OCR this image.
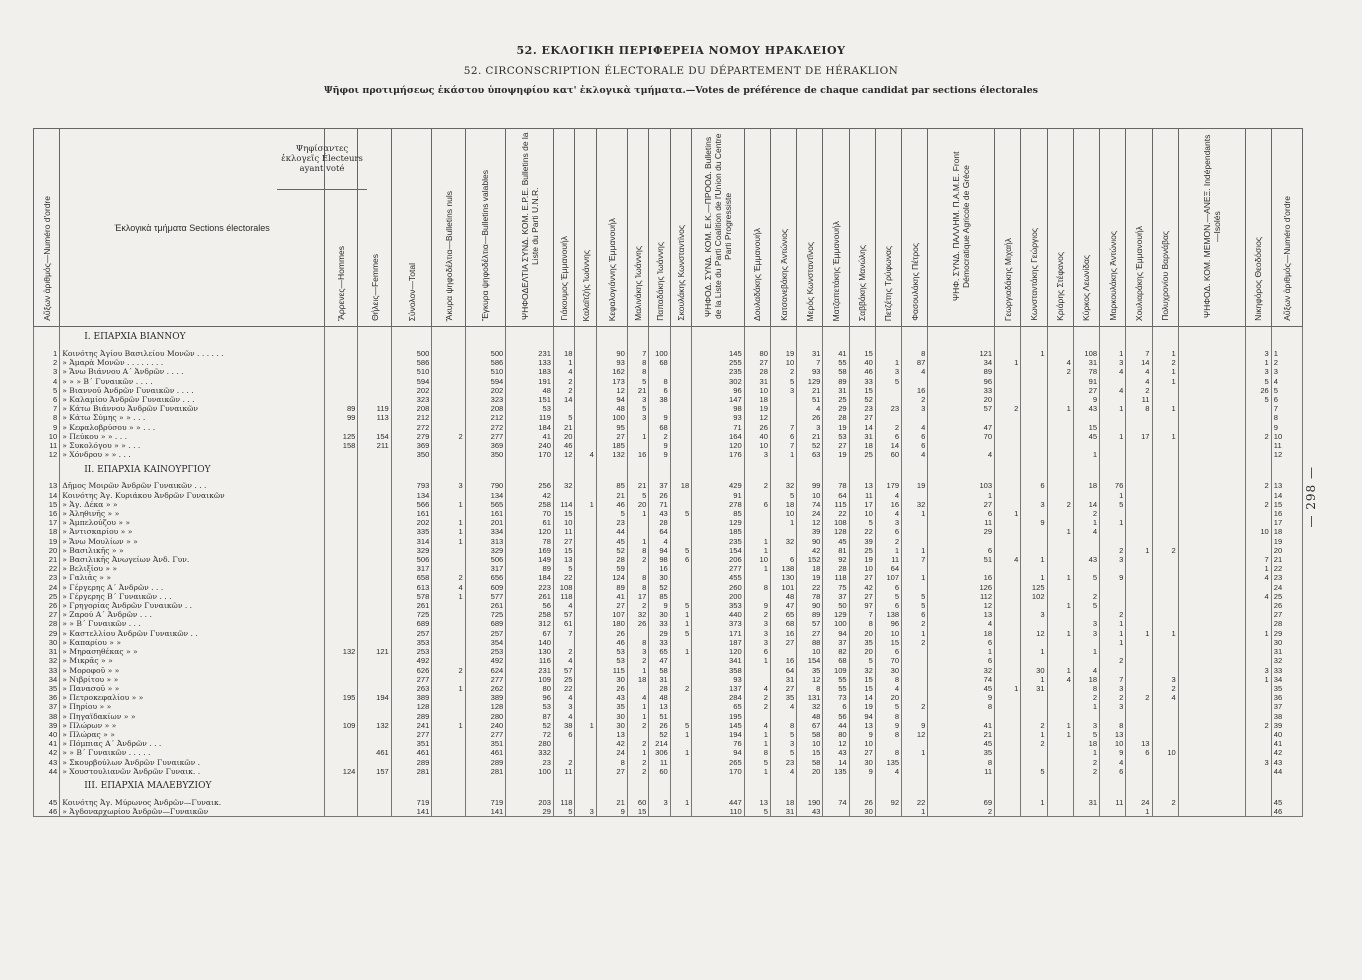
52. ΕΚΛΟΓΙΚΗ ΠΕΡΙΦΕΡΕΙΑ ΝΟΜΟΥ ΗΡΑΚΛΕΙΟΥ
52. CIRCONSCRIPTION ÉLECTORALE DU DÉPARTEMENT DE HÉRAKLION
Ψῆφοι προτιμήσεως ἑκάστου ὑποψηφίου κατ' ἐκλογικὰ τμήματα.—Votes de préférence de chaque candidat par sections électorales
— 298 —
Αὔξων ἀριθμός—Numéro d'ordre	Ἐκλογικὰ τμήματα Sections électorales	Ἄρρενες—Hommes	Θήλεις—Femmes	Σύνολον—Total	Ἄκυρα ψηφοδέλτια—Bulletins nuls	Ἔγκυρα ψηφοδέλτια—Bulletins valables	ΨΗΦΟΔΕΛΤΙΑ ΣΥΝΔ. ΚΟΜ. Ε.Ρ.Ε. Bulletins de la Liste du Parti U.N.R.	Γιάκουμος Ἐμμανουήλ	Καλαϊτζής Ἰωάννης	Κεφαλογιάννης Ἐμμανουήλ	Μαλινάκης Ἰωάννης	Παπαδάκης Ἰωάννης	Σκουλάκης Κωνσταντίνος	ΨΗΦΟΔ. ΣΥΝΔ. ΚΟΜ. Ε.Κ.—ΠΡΟΟΔ. Bulletins de la Liste du Parti Coalition de l'Union du Centre Parti Progressiste	Δουλαδάκης Ἐμμανουήλ	Κατσανεβάκης Ἀντώνιος	Μερός Κωνσταντῖνος	Ματζαπετάκης Ἐμμανουήλ	Σαββάκης Μανώλης	Πετζέτης Τρύφωνας	Φασουλάκης Πέτρος	ΨΗΦ. ΣΥΝΔ. ΠΑΛΛΗΜ. Π.Α.Μ.Ε. Front Démocratique Agricole de Grèce	Γεωργιαδάκης Μιχαήλ	Κωνσταντάκης Γεώργιος	Κριάρης Στέφανος	Κύρκος Λεωνίδας	Μαρκουλάκης Ἀντώνιος	Χουλιαράκης Ἐμμανουήλ	Πολυχρονίου Βαρνάβας	ΨΗΦΟΔ. ΚΟΜ. ΜΕΜΟΝ.—ΑΝΕΞ. Indépendants—Isolés	Νικηφόρος Θεοδόσιος	Αὔξων ἀριθμός—Numéro d'ordre
	I. ΕΠΑΡΧΙΑ ΒΙΑΝΝΟΥ																															
1	Κοινότης Ἁγίου Βασιλείου Μονῶν . . . . . .			500		500	231	18		90	7	100		145	80	19	31	41	15		8	121		1		108	1	7	1		3	1
2	» Ἀμαρὰ Μονῶν . . . . . . . .			586		586	133	1		93	8	68		255	27	10	7	55	40	1	87	34	1		4	31	3	14	2		1	2
3	» Ἄνω Βιάννου Α΄ Ἀνδρῶν . . . .			510		510	183	4		162	8			235	28	2	93	58	46	3	4	89			2	78	4	4	1		3	3
4	» » » Β΄ Γυναικῶν . . . .			594		594	191	2		173	5	8		302	31	5	129	89	33	5		96				91		4	1		5	4
5	» Βιαννοῦ Ἀνδρῶν Γυναικῶν . . . .			202		202	48	2		12	21	6		96	10	3	21	31	15		16	33				27	4	2			26	5
6	» Καλαμίου Ἀνδρῶν Γυναικῶν . . .			323		323	151	14		94	3	38		147	18		51	25	52		2	20				9		11			5	6
7	» Κάτω Βιάννου Ἀνδρῶν Γυναικῶν	89	119	208		208	53			48	5			98	19		4	29	23	23	3	57	2		1	43	1	8	1			7
8	» Κάτω Σύμης » » . . .	99	113	212		212	119	5		100	3	9		93	12		26	28	27													8
9	» Κεφαλοβρύσου » » . . .			272		272	184	21		95		68		71	26	7	3	19	14	2	4	47				15						9
10	» Πεύκου » » . . .	125	154	279	2	277	41	20		27	1	2		164	40	6	21	53	31	6	6	70				45	1	17	1		2	10
11	» Συκολόγου » » . . .	158	211	369		369	240	46		185		9		120	10	7	52	27	18	14	6											11
12	» Χόνδρου » » . . .			350		350	170	12	4	132	16	9		176	3	1	63	19	25	60	4	4				1						12
	II. ΕΠΑΡΧΙΑ ΚΑΙΝΟΥΡΓΙΟΥ																															
13	Δῆμος Μοιρῶν Ἀνδρῶν Γυναικῶν . . .			793	3	790	256	32		85	21	37	18	429	2	32	99	78	13	179	19	103		6		18	76				2	13
14	Κοινότης Ἁγ. Κυριάκου Ἀνδρῶν Γυναικῶν			134		134	42			21	5	26		91		5	10	64	11	4		1					1					14
15	» Ἁγ. Δέκα » »			566	1	565	258	114	1	46	20	71		278	6	18	74	115	17	16	32	27		3	2	14	5				2	15
16	» Ἀληθινῆς » »			161		161	70	15		5	1	43	5	85		10	24	22	10	4	1	6	1			2						16
17	» Ἀμπελούζου » »			202	1	201	61	10		23		28		129		1	12	108	5	3		11		9		1	1					17
18	» Ἀντισκαρίου » »			335	1	334	120	11		44		64		185			39	128	22	6		29			1	4					10	18
19	» Ἄνω Μουλίων » »			314	1	313	78	27		45	1	4		235	1	32	90	45	39	2												19
20	» Βασιλικῆς » »			329		329	169	15		52	8	94	5	154	1		42	81	25	1	1	6					2	1	2			20
21	» Βασιλικῆς Ἀνωγείων Ἀνδ. Γυν.			506		506	149	13		28	2	98	6	206	10	6	152	92	19	11	7	51	4	1		43	3				7	21
22	» Βελιξίου » »			317		317	89	5		59		16		277	1	138	18	28	10	64											1	22
23	» Γαλιᾶς » »			658	2	656	184	22		124	8	30		455		130	19	118	27	107	1	16		1	1	5	9				4	23
24	» Γέργερης Α΄ Ἀνδρῶν . . .			613	4	609	223	108		89	8	52		260	8	101	22	75	42	6		126		125								24
25	» Γέργερης Β΄ Γυναικῶν . . .			578	1	577	261	118		41	17	85		200		48	78	37	27	5	5	112		102		2					4	25
26	» Γρηγορίας Ἀνδρῶν Γυναικῶν . .			261		261	56	4		27	2	9	5	353	9	47	90	50	97	6	5	12			1	5						26
27	» Ζαρού Α΄ Ἀνδρῶν . . .			725		725	258	57		107	32	30	1	440	2	65	89	129	7	138	6	13		3			2					27
28	» » Β΄ Γυναικῶν . . .			689		689	312	61		180	26	33	1	373	3	68	57	100	8	96	2	4				3	1					28
29	» Καστελλίου Ἀνδρῶν Γυναικῶν . .			257		257	67	7		26		29	5	171	3	16	27	94	20	10	1	18		12	1	3	1	1	1		1	29
30	» Καπαρίου » »			353		354	140			46	8	33		187	3	27	88	37	35	15	2	6					1					30
31	» Μηρασηθέκας » »	132	121	253		253	130	2		53	3	65	1	120	6		10	82	20	6		1		1		1						31
32	» Μικρᾶς » »			492		492	116	4		53	2	47		341	1	16	154	68	5	70		6					2					32
33	» Μοροφοῦ » »			626	2	624	231	57		115	1	58		358		64	35	109	32	30		32		30	1	4					3	33
34	» Νιβρίτου » »			277		277	109	25		30	18	31		93		31	12	55	15	8		74		1	4	18	7		3		1	34
35	» Πανασοῦ » »			263	1	262	80	22		26		28	2	137	4	27	8	55	15	4		45	1	31		8	3		2			35
36	» Πετροκεφαλίου » »	195	194	389		389	96	4		43	4	48		284	2	35	131	73	14	20		9				2	2	2	4			36
37	» Πηρίου » »			128		128	53	3		35	1	13		65	2	4	32	6	19	5	2	8				1	3					37
38	» Πηγαϊδακίων » »			289		280	87	4		30	1	51		195			48	56	94	8												38
39	» Πλώρων » »	109	132	241	1	240	52	38	1	30	2	26	5	145	4	8	67	44	13	9	9	41		2	1	3	8				2	39
40	» Πλώρας » »			277		277	72	6		13		52	1	194	1	5	58	80	9	8	12	21		1	1	5	13					40
41	» Πόμπιας Α΄ Ἀνδρῶν . . .			351		351	280			42	2	214		76	1	3	10	12	10			45		2		18	10	13				41
42	» » Β΄ Γυναικῶν . . . . .		461	461		461	332			24	1	306	1	94	8	5	15	43	27	8	1	35				1	9	6	10			42
43	» Σκουρβούλων Ἀνδρῶν Γυναικῶν .			289		289	23	2		8	2	11		265	5	23	58	14	30	135		8				2	4				3	43
44	» Χουστουλιανῶν Ἀνδρῶν Γυναικ. .	124	157	281		281	100	11		27	2	60		170	1	4	20	135	9	4		11		5		2	6					44
	III. ΕΠΑΡΧΙΑ ΜΑΛΕΒΥΖΙΟΥ																															
45	Κοινότης Ἁγ. Μύρωνος Ἀνδρῶν—Γυναικ.			719		719	203	118		21	60	3	1	447	13	18	190	74	26	92	22	69		1		31	11	24	2			45
46	» Ἀγδοναρχωρίου Ἀνδρῶν—Γυναικῶν			141		141	29	5	3	9	15			110	5	31	43		30		1	2						1				46
Ψηφίσαντες ἐκλογεῖς Électeurs ayant voté
